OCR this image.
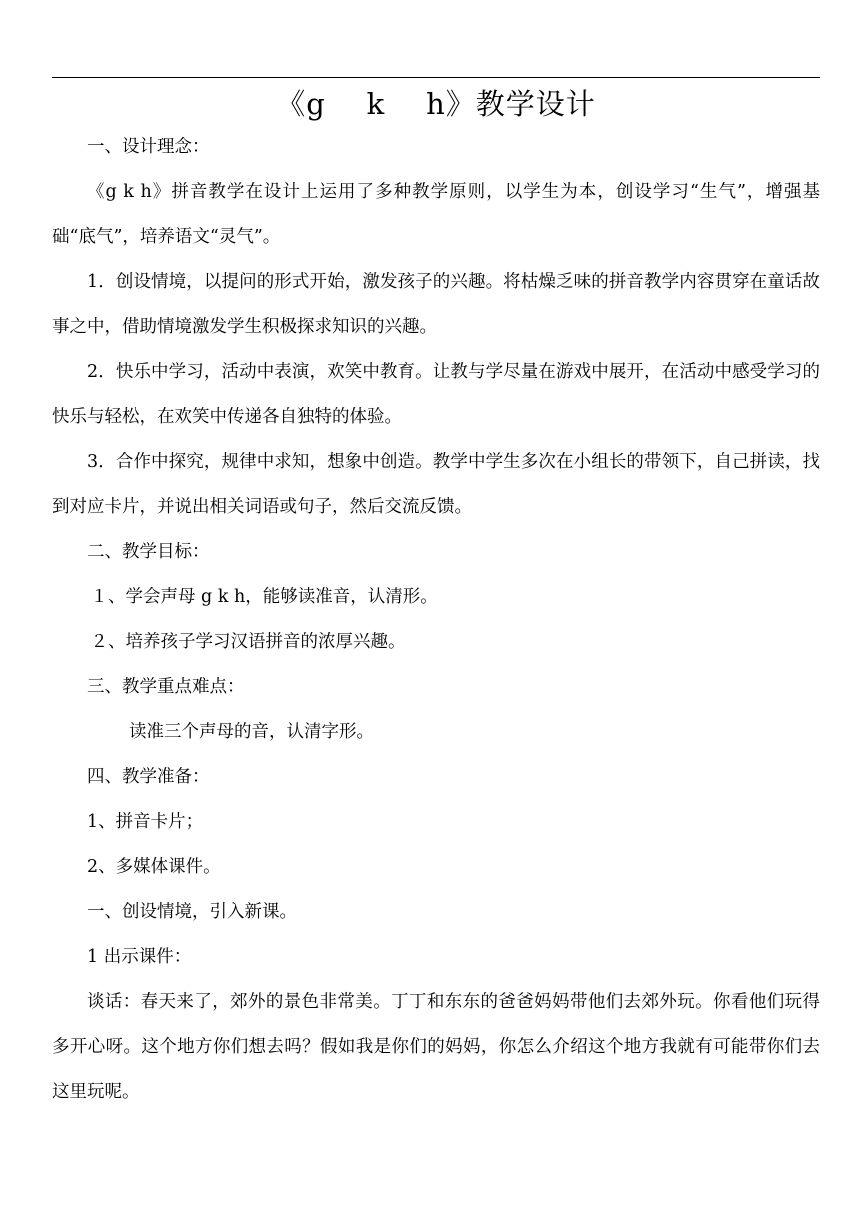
《g    k    h》教学设计

一、设计理念：

《g k h》拼音教学在设计上运用了多种教学原则，以学生为本，创设学习“生气”，增强基础“底气”，培养语文“灵气”。

1．创设情境，以提问的形式开始，激发孩子的兴趣。将枯燥乏味的拼音教学内容贯穿在童话故事之中，借助情境激发学生积极探求知识的兴趣。

2．快乐中学习，活动中表演，欢笑中教育。让教与学尽量在游戏中展开，在活动中感受学习的快乐与轻松，在欢笑中传递各自独特的体验。

3．合作中探究，规律中求知，想象中创造。教学中学生多次在小组长的带领下，自己拼读，找到对应卡片，并说出相关词语或句子，然后交流反馈。

二、教学目标：

１、学会声母 g k h，能够读准音，认清形。

２、培养孩子学习汉语拼音的浓厚兴趣。

三、教学重点难点：

读准三个声母的音，认清字形。

四、教学准备：

1、拼音卡片；

2、多媒体课件。

一、创设情境，引入新课。

1 出示课件：

谈话：春天来了，郊外的景色非常美。丁丁和东东的爸爸妈妈带他们去郊外玩。你看他们玩得多开心呀。这个地方你们想去吗？假如我是你们的妈妈，你怎么介绍这个地方我就有可能带你们去这里玩呢。
